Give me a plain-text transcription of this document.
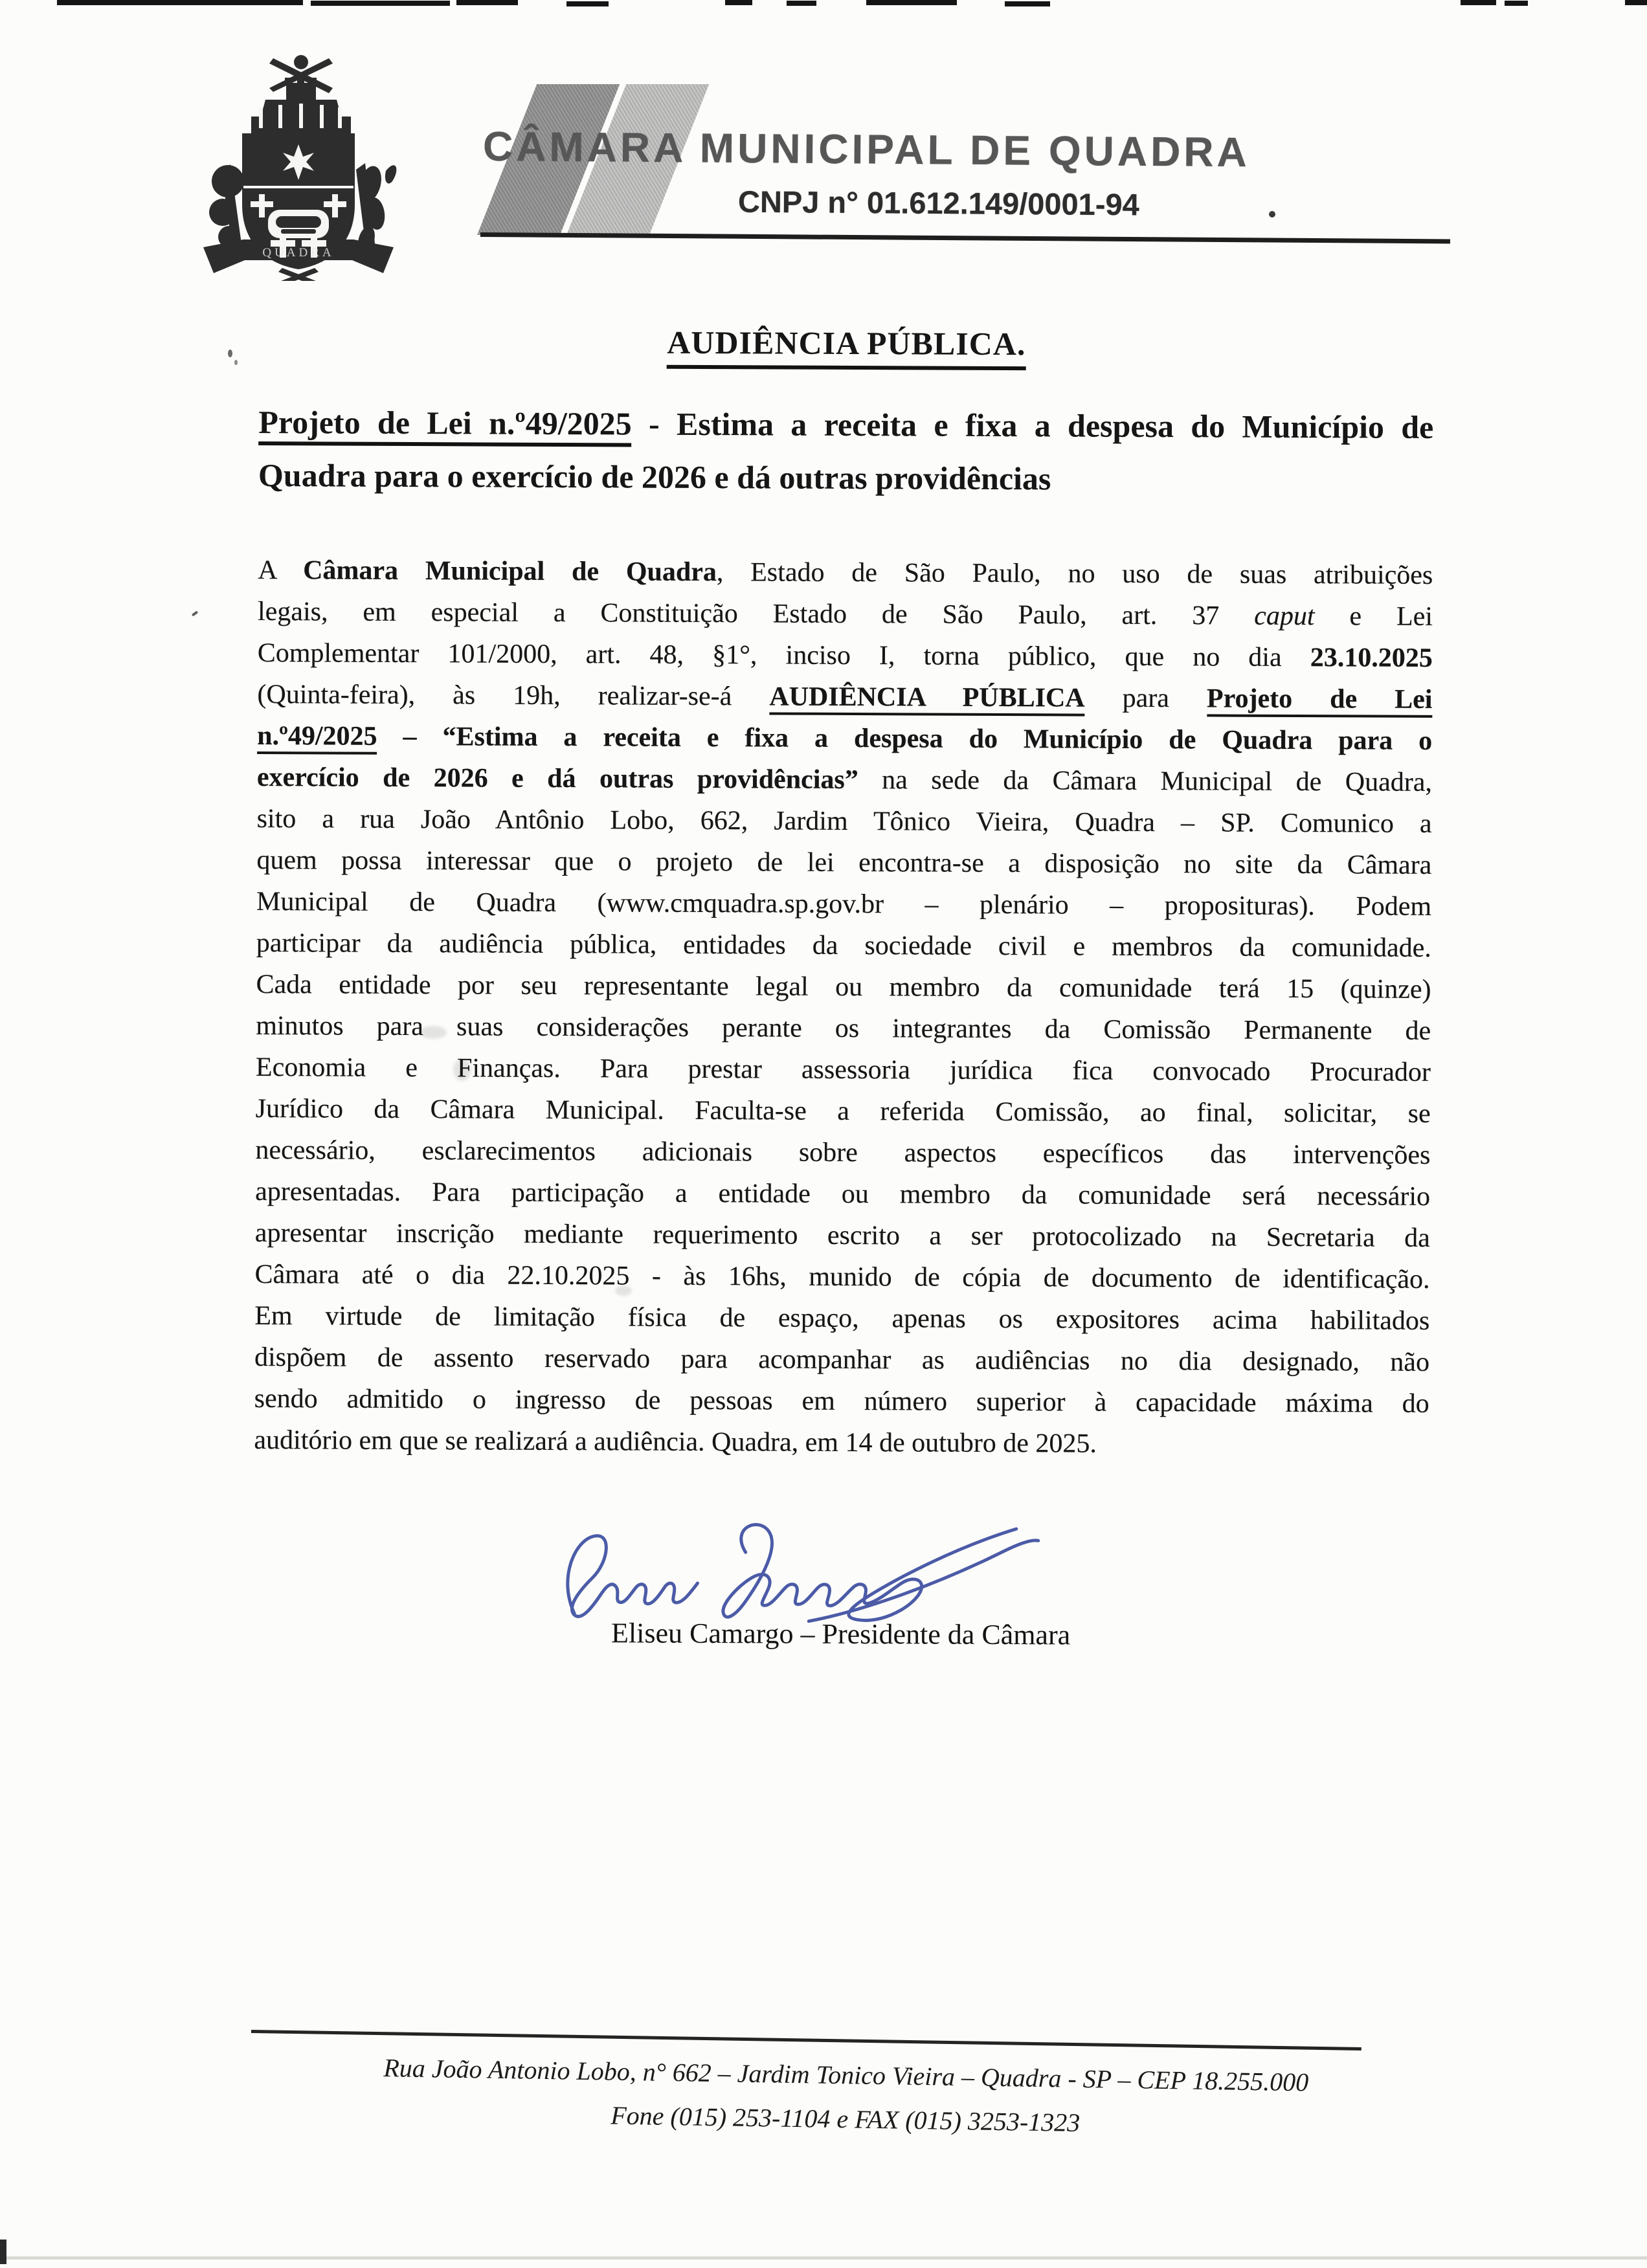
QUADRA
CÂMARA MUNICIPAL DE QUADRA
CNPJ n° 01.612.149/0001-94
AUDIÊNCIA PÚBLICA.
Projeto de Lei n.º49/2025 - Estima a receita e fixa a despesa do Município de
Quadra para o exercício de 2026 e dá outras providências
A Câmara Municipal de Quadra, Estado de São Paulo, no uso de suas atribuições
legais, em especial a Constituição Estado de São Paulo, art. 37 caput e Lei
Complementar 101/2000, art. 48, §1°, inciso I, torna público, que no dia 23.10.2025
(Quinta-feira), às 19h, realizar-se-á AUDIÊNCIA PÚBLICA para Projeto de Lei
n.º49/2025 – “Estima a receita e fixa a despesa do Município de Quadra para o
exercício de 2026 e dá outras providências” na sede da Câmara Municipal de Quadra,
sito a rua João Antônio Lobo, 662, Jardim Tônico Vieira, Quadra – SP. Comunico a
quem possa interessar que o projeto de lei encontra-se a disposição no site da Câmara
Municipal de Quadra (www.cmquadra.sp.gov.br – plenário – proposituras). Podem
participar da audiência pública, entidades da sociedade civil e membros da comunidade.
Cada entidade por seu representante legal ou membro da comunidade terá 15 (quinze)
minutos para suas considerações perante os integrantes da Comissão Permanente de
Economia e Finanças. Para prestar assessoria jurídica fica convocado Procurador
Jurídico da Câmara Municipal. Faculta-se a referida Comissão, ao final, solicitar, se
necessário, esclarecimentos adicionais sobre aspectos específicos das intervenções
apresentadas. Para participação a entidade ou membro da comunidade será necessário
apresentar inscrição mediante requerimento escrito a ser protocolizado na Secretaria da
Câmara até o dia 22.10.2025 - às 16hs, munido de cópia de documento de identificação.
Em virtude de limitação física de espaço, apenas os expositores acima habilitados
dispõem de assento reservado para acompanhar as audiências no dia designado, não
sendo admitido o ingresso de pessoas em número superior à capacidade máxima do
auditório em que se realizará a audiência. Quadra, em 14 de outubro de 2025.
Eliseu Camargo – Presidente da Câmara
Rua João Antonio Lobo, n° 662 – Jardim Tonico Vieira – Quadra - SP – CEP 18.255.000
Fone (015) 253-1104 e FAX (015) 3253-1323
